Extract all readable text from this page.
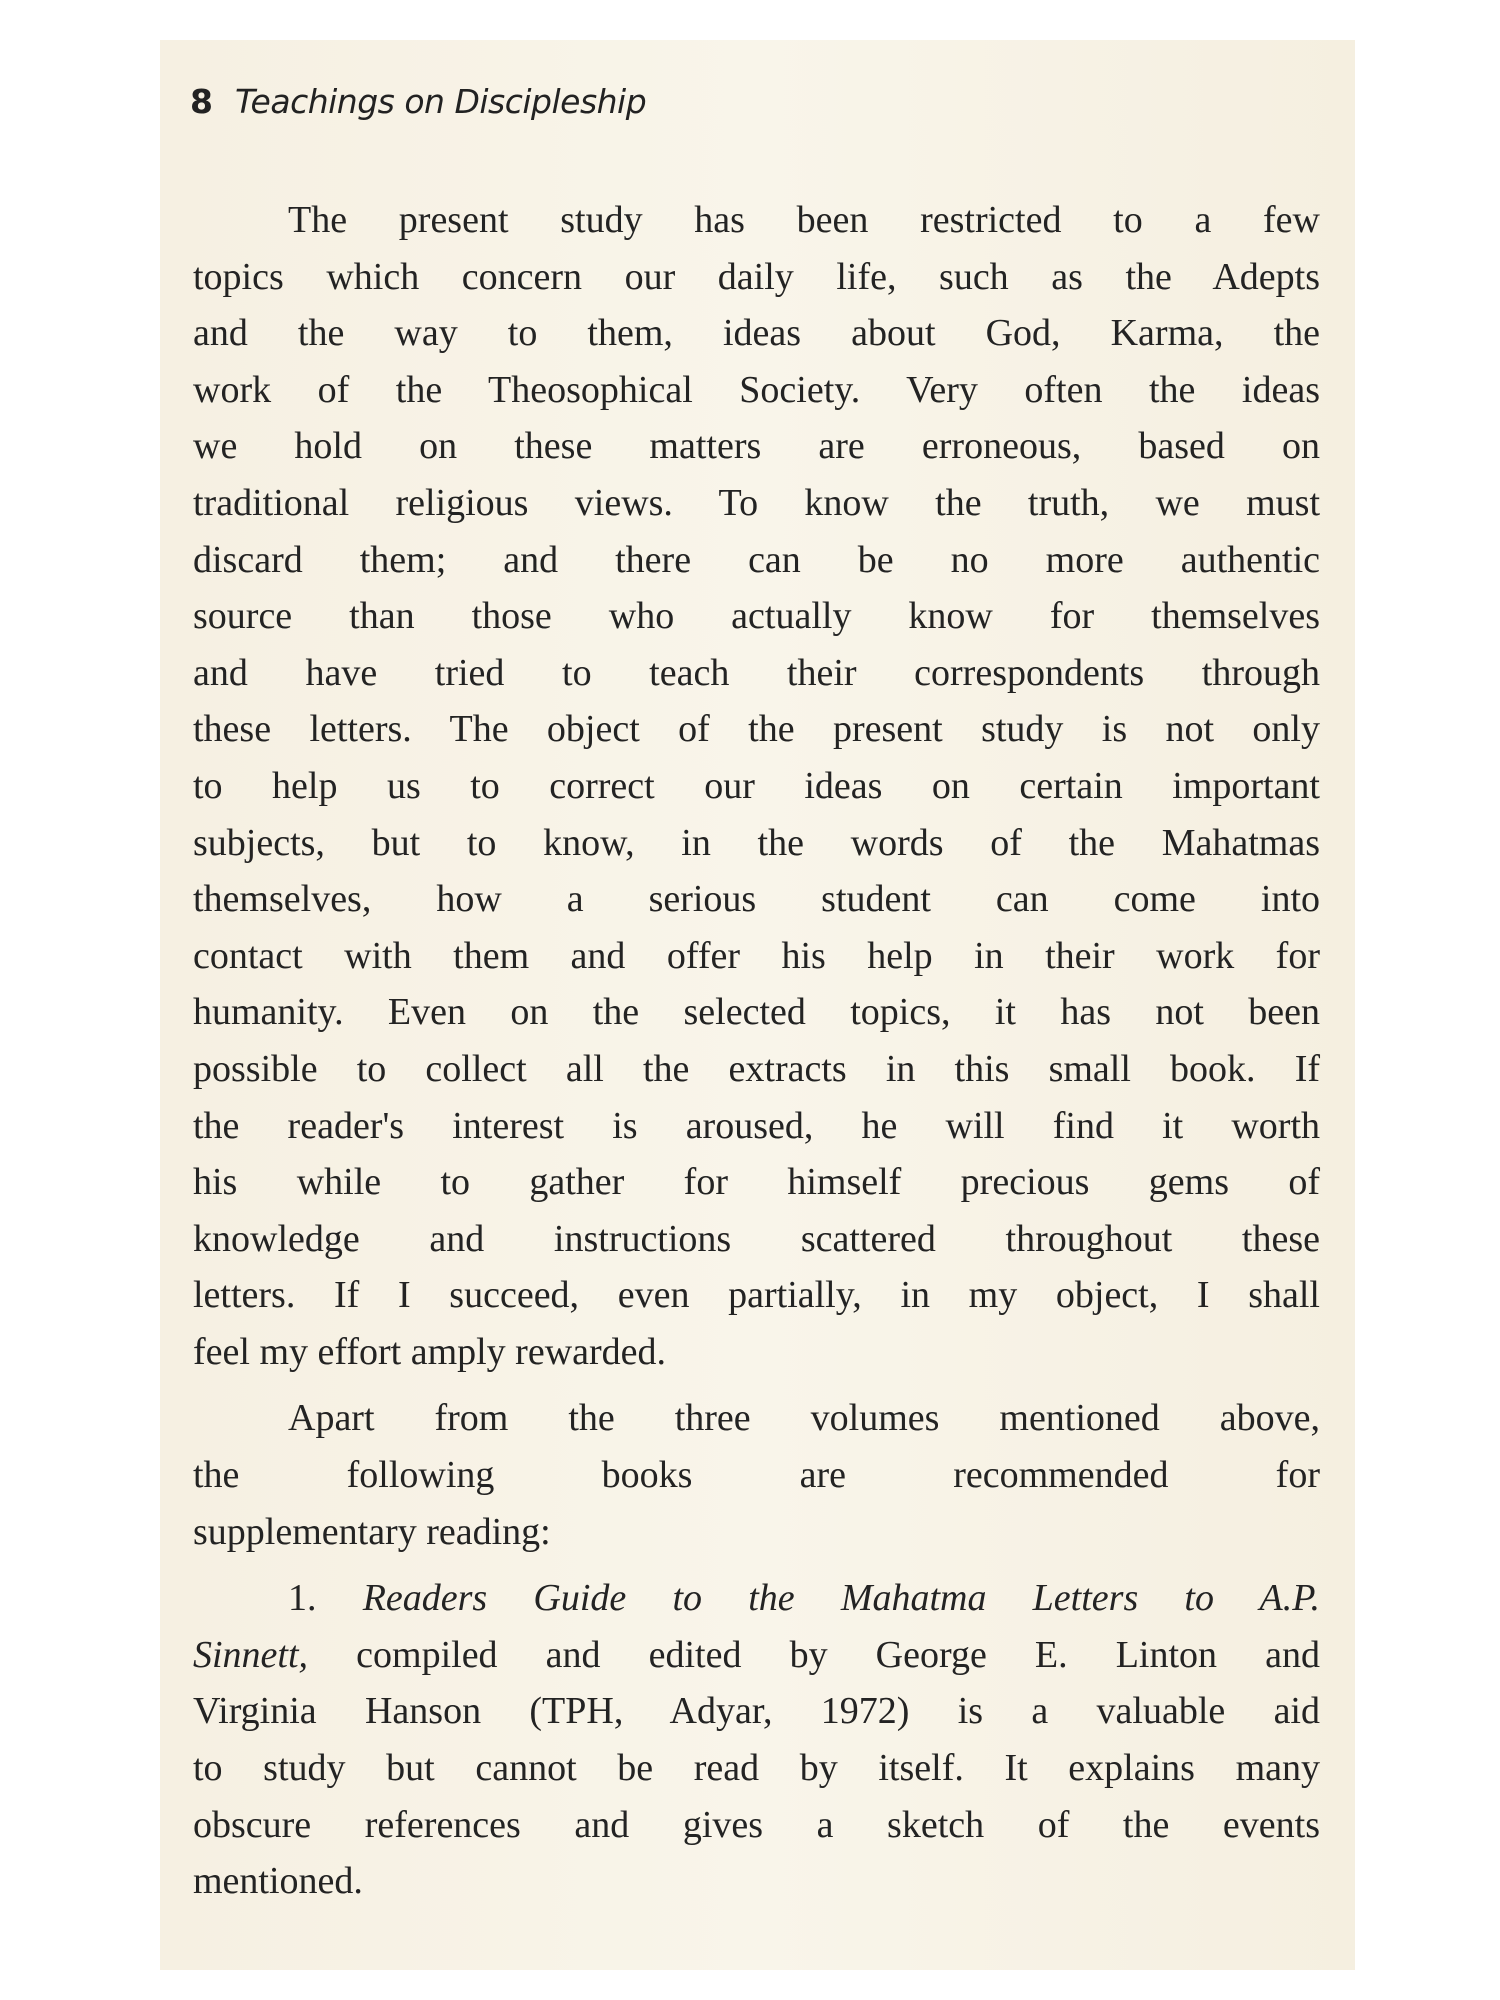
8 Teachings on Discipleship
The present study has been restricted to a few
topics which concern our daily life, such as the Adepts
and the way to them, ideas about God, Karma, the
work of the Theosophical Society. Very often the ideas
we hold on these matters are erroneous, based on
traditional religious views. To know the truth, we must
discard them; and there can be no more authentic
source than those who actually know for themselves
and have tried to teach their correspondents through
these letters. The object of the present study is not only
to help us to correct our ideas on certain important
subjects, but to know, in the words of the Mahatmas
themselves, how a serious student can come into
contact with them and offer his help in their work for
humanity. Even on the selected topics, it has not been
possible to collect all the extracts in this small book. If
the reader's interest is aroused, he will find it worth
his while to gather for himself precious gems of
knowledge and instructions scattered throughout these
letters. If I succeed, even partially, in my object, I shall
feel my effort amply rewarded.
Apart from the three volumes mentioned above,
the following books are recommended for
supplementary reading:
1. Readers Guide to the Mahatma Letters to A.P.
Sinnett, compiled and edited by George E. Linton and
Virginia Hanson (TPH, Adyar, 1972) is a valuable aid
to study but cannot be read by itself. It explains many
obscure references and gives a sketch of the events
mentioned.
